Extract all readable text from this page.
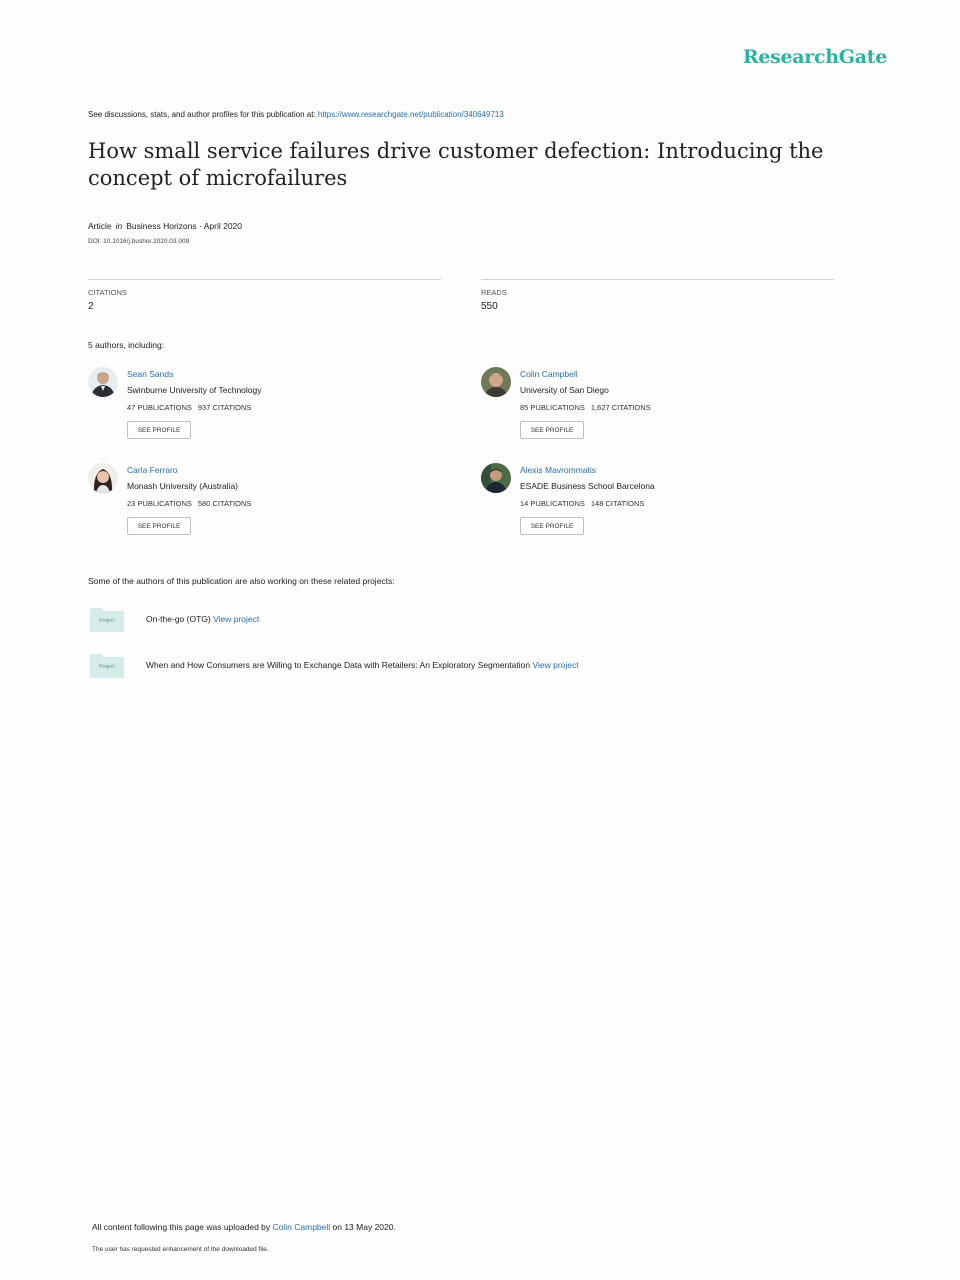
ResearchGate
See discussions, stats, and author profiles for this publication at: https://www.researchgate.net/publication/340649713
How small service failures drive customer defection: Introducing the concept of microfailures
Article in Business Horizons · April 2020
DOI: 10.1016/j.bushor.2020.03.009
CITATIONS
2
READS
550
5 authors, including:
Sean Sands
Swinburne University of Technology
47 PUBLICATIONS 937 CITATIONS
SEE PROFILE
Colin Campbell
University of San Diego
85 PUBLICATIONS 1,627 CITATIONS
SEE PROFILE
Carla Ferraro
Monash University (Australia)
23 PUBLICATIONS 580 CITATIONS
SEE PROFILE
Alexis Mavrommatis
ESADE Business School Barcelona
14 PUBLICATIONS 148 CITATIONS
SEE PROFILE
Some of the authors of this publication are also working on these related projects:
Project	On-the-go (OTG) View project
Project	When and How Consumers are Willing to Exchange Data with Retailers: An Exploratory Segmentation View project
All content following this page was uploaded by Colin Campbell on 13 May 2020.
The user has requested enhancement of the downloaded file.
